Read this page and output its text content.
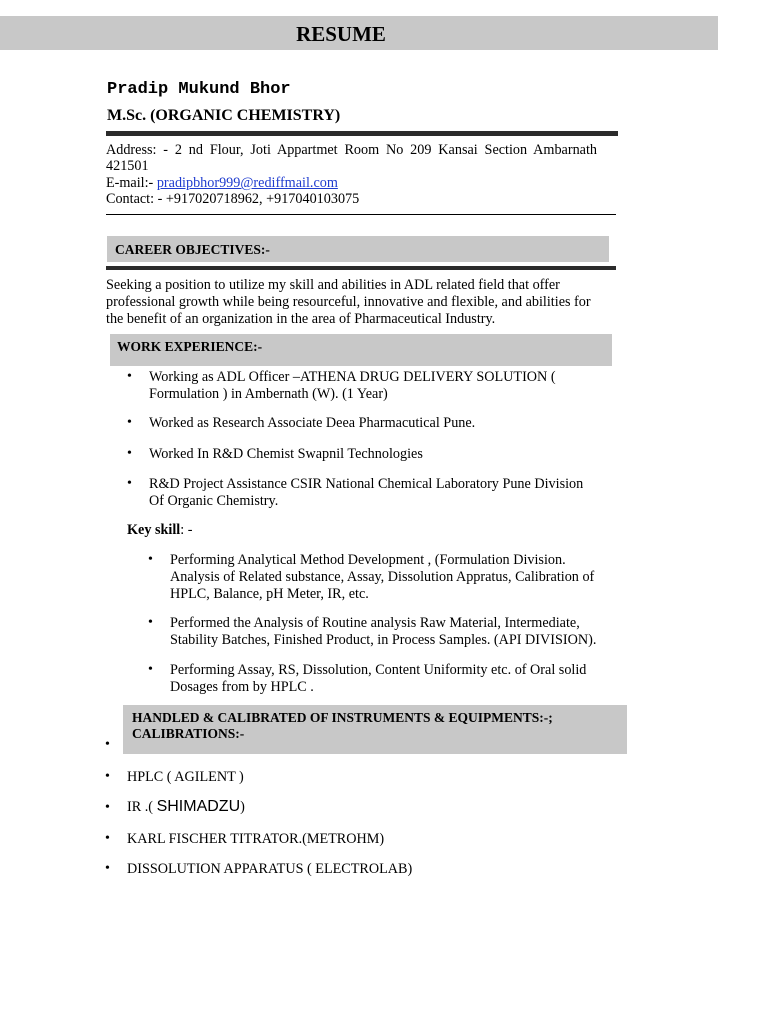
RESUME
Pradip Mukund Bhor
M.Sc. (ORGANIC CHEMISTRY)
Address: - 2 nd Flour, Joti Appartmet Room No 209 Kansai Section Ambarnath
421501
E-mail:- pradipbhor999@rediffmail.com
Contact: - +917020718962, +917040103075
CAREER OBJECTIVES:-
Seeking a position to utilize my skill and abilities in ADL related field that offer
professional growth while being resourceful, innovative and flexible, and abilities for
the benefit of an organization in the area of Pharmaceutical Industry.
WORK EXPERIENCE:-
• Working as ADL Officer –ATHENA DRUG DELIVERY SOLUTION (
Formulation ) in Ambernath (W). (1 Year)
• Worked as Research Associate Deea Pharmacutical Pune.
• Worked In R&D Chemist Swapnil Technologies
• R&D Project Assistance CSIR National Chemical Laboratory Pune Division
Of Organic Chemistry.
Key skill: -
• Performing Analytical Method Development , (Formulation Division.
Analysis of Related substance, Assay, Dissolution Appratus, Calibration of
HPLC, Balance, pH Meter, IR, etc.
• Performed the Analysis of Routine analysis Raw Material, Intermediate,
Stability Batches, Finished Product, in Process Samples. (API DIVISION).
• Performing Assay, RS, Dissolution, Content Uniformity etc. of Oral solid
Dosages from by HPLC .
HANDLED & CALIBRATED OF INSTRUMENTS & EQUIPMENTS:-;
CALIBRATIONS:-
•
• HPLC ( AGILENT )
• IR .( SHIMADZU)
• KARL FISCHER TITRATOR.(METROHM)
• DISSOLUTION APPARATUS ( ELECTROLAB)
